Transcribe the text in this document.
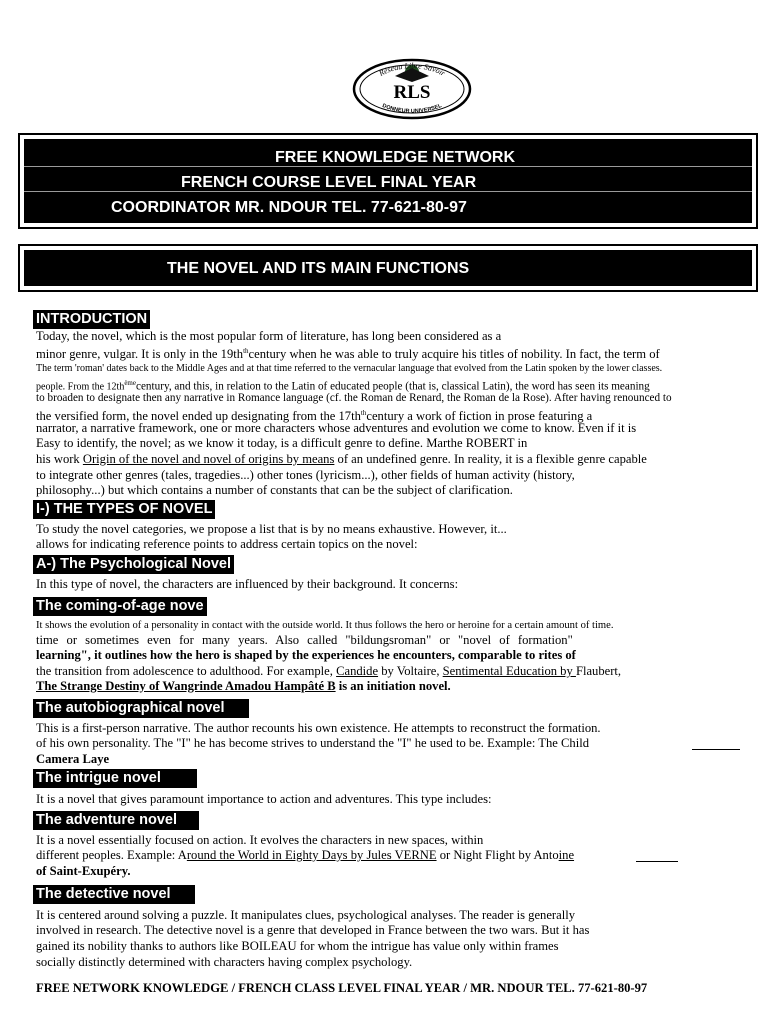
Réseau Libre Savoir
RLS
DONNEUR UNIVERSEL
FREE KNOWLEDGE NETWORK
FRENCH COURSE LEVEL FINAL YEAR
COORDINATOR MR. NDOUR TEL. 77-621-80-97
THE NOVEL AND ITS MAIN FUNCTIONS
INTRODUCTION
Today, the novel, which is the most popular form of literature, has long been considered as a
minor genre, vulgar. It is only in the $19th^{th}century$ when he was able to truly acquire his titles of nobility. In fact, the term of
The term 'roman' dates back to the Middle Ages and at that time referred to the vernacular language that evolved from the Latin spoken by the lower classes.
people. From the $12th^{ème}century$, and this, in relation to the Latin of educated people (that is, classical Latin), the word has seen its meaning
to broaden to designate then any narrative in Romance language (cf. the Roman de Renard, the Roman de la Rose). After having renounced to
the versified form, the novel ended up designating from the $17th^{th}century$ a work of fiction in prose featuring a
narrator, a narrative framework, one or more characters whose adventures and evolution we come to know. Even if it is
Easy to identify, the novel; as we know it today, is a difficult genre to define. Marthe ROBERT in
his work Origin of the novel and novel of origins by means of an undefined genre. In reality, it is a flexible genre capable
to integrate other genres (tales, tragedies...) other tones (lyricism...), other fields of human activity (history,
philosophy...) but which contains a number of constants that can be the subject of clarification.
I-) THE TYPES OF NOVEL
To study the novel categories, we propose a list that is by no means exhaustive. However, it...
allows for indicating reference points to address certain topics on the novel:
A-) The Psychological Novel
In this type of novel, the characters are influenced by their background. It concerns:
The coming-of-age nove
It shows the evolution of a personality in contact with the outside world. It thus follows the hero or heroine for a certain amount of time.
time or sometimes even for many years. Also called "bildungsroman" or "novel of formation"
learning", it outlines how the hero is shaped by the experiences he encounters, comparable to rites of
the transition from adolescence to adulthood. For example, Candide by Voltaire, Sentimental Education by Flaubert,
The Strange Destiny of Wangrinde Amadou Hampâté B is an initiation novel.
The autobiographical novel
This is a first-person narrative. The author recounts his own existence. He attempts to reconstruct the formation.
of his own personality. The "I" he has become strives to understand the "I" he used to be. Example: The Child
Camera Laye
The intrigue novel
It is a novel that gives paramount importance to action and adventures. This type includes:
The adventure novel
It is a novel essentially focused on action. It evolves the characters in new spaces, within
different peoples. Example: Around the World in Eighty Days by Jules VERNE or Night Flight by Antoine
of Saint-Exupéry.
The detective novel
It is centered around solving a puzzle. It manipulates clues, psychological analyses. The reader is generally
involved in research. The detective novel is a genre that developed in France between the two wars. But it has
gained its nobility thanks to authors like BOILEAU for whom the intrigue has value only within frames
socially distinctly determined with characters having complex psychology.
FREE NETWORK KNOWLEDGE / FRENCH CLASS LEVEL FINAL YEAR / MR. NDOUR TEL. 77-621-80-97
